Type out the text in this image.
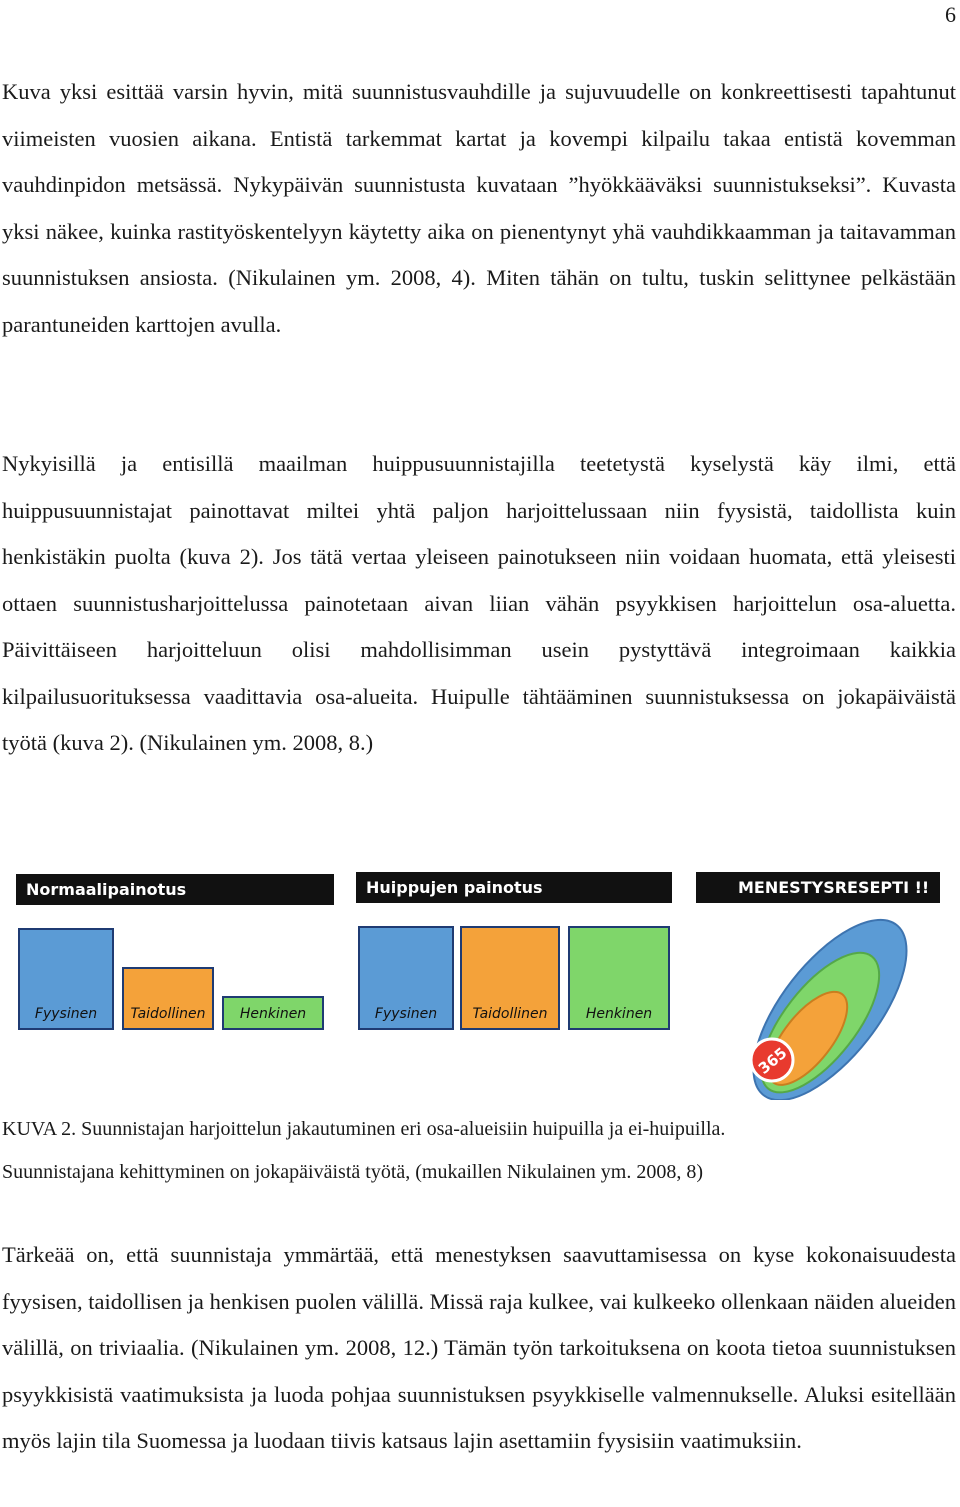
6

Kuva yksi esittää varsin hyvin, mitä suunnistusvauhdille ja sujuvuudelle on konkreettisesti tapahtunut viimeisten vuosien aikana. Entistä tarkemmat kartat ja kovempi kilpailu takaa entistä kovemman vauhdinpidon metsässä. Nykypäivän suunnistusta kuvataan ”hyökkääväksi suunnistukseksi”. Kuvasta yksi näkee, kuinka rastityöskentelyyn käytetty aika on pienentynyt yhä vauhdikkaamman ja taitavamman suunnistuksen ansiosta. (Nikulainen ym. 2008, 4). Miten tähän on tultu, tuskin selittynee pelkästään parantuneiden karttojen avulla.

Nykyisillä ja entisillä maailman huippusuunnistajilla teetetystä kyselystä käy ilmi, että huippusuunnistajat painottavat miltei yhtä paljon harjoittelussaan niin fyysistä, taidollista kuin henkistäkin puolta (kuva 2). Jos tätä vertaa yleiseen painotukseen niin voidaan huomata, että yleisesti ottaen suunnistusharjoittelussa painotetaan aivan liian vähän psyykkisen harjoittelun osa-aluetta. Päivittäiseen harjoitteluun olisi mahdollisimman usein pystyttävä integroimaan kaikkia kilpailusuorituksessa vaadittavia osa-alueita. Huipulle tähtääminen suunnistuksessa on jokapäiväistä työtä (kuva 2). (Nikulainen ym. 2008, 8.)

Normaalipainotus
Fyysinen	Taidollinen	Henkinen
Huippujen painotus
Fyysinen	Taidollinen	Henkinen
MENESTYSRESEPTI !!
365
KUVA 2. Suunnistajan harjoittelun jakautuminen eri osa-alueisiin huipuilla ja ei-huipuilla.
Suunnistajana kehittyminen on jokapäiväistä työtä, (mukaillen Nikulainen ym. 2008, 8)

Tärkeää on, että suunnistaja ymmärtää, että menestyksen saavuttamisessa on kyse kokonaisuudesta fyysisen, taidollisen ja henkisen puolen välillä. Missä raja kulkee, vai kulkeeko ollenkaan näiden alueiden välillä, on triviaalia. (Nikulainen ym. 2008, 12.) Tämän työn tarkoituksena on koota tietoa suunnistuksen psyykkisistä vaatimuksista ja luoda pohjaa suunnistuksen psyykkiselle valmennukselle. Aluksi esitellään myös lajin tila Suomessa ja luodaan tiivis katsaus lajin asettamiin fyysisiin vaatimuksiin.
